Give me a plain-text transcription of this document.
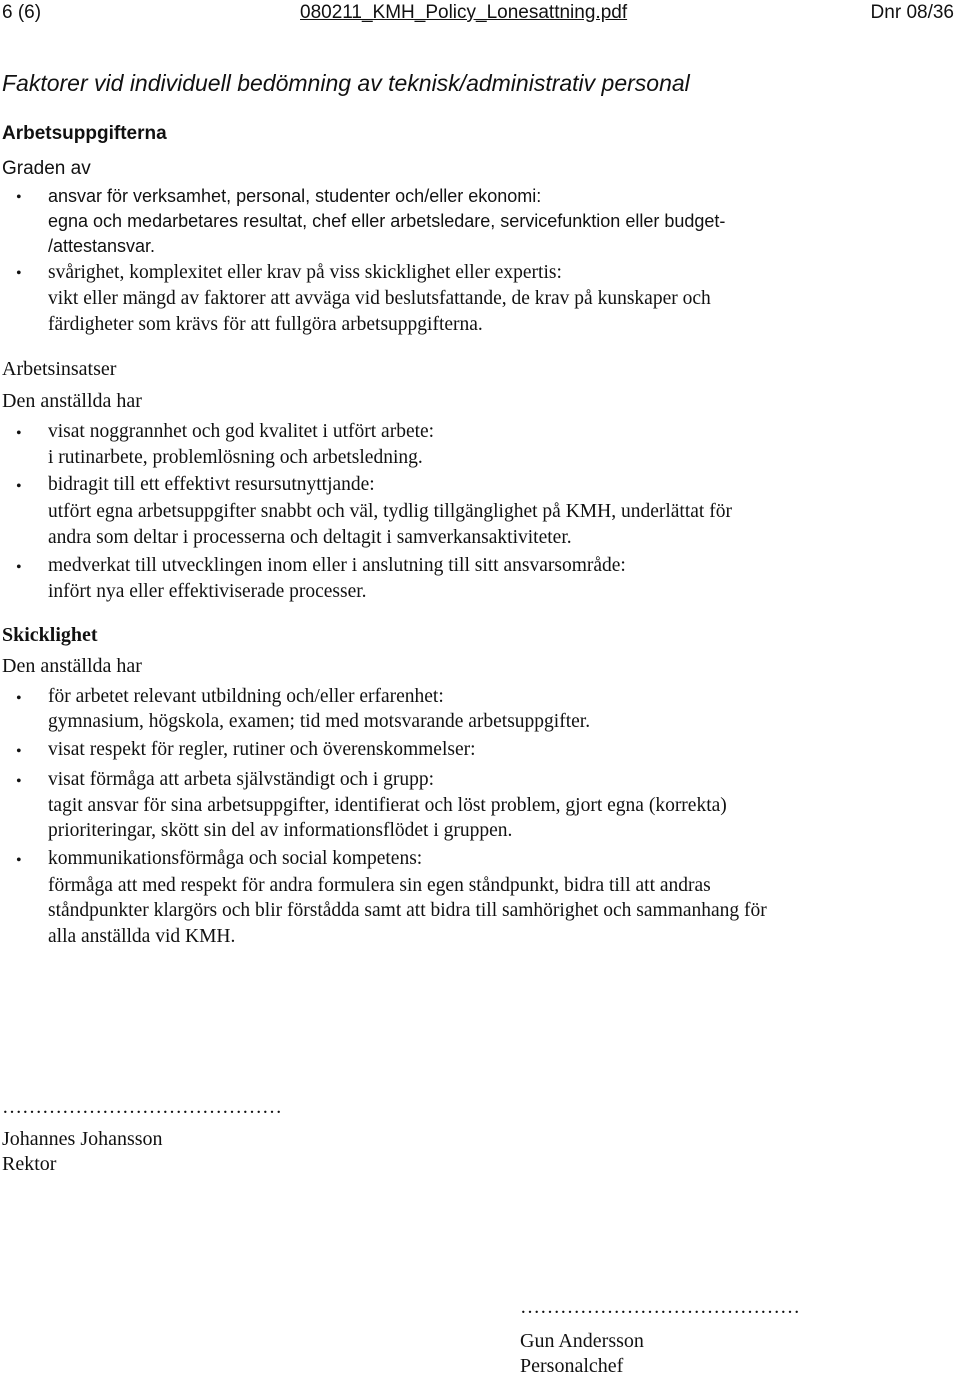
6 (6)	080211_KMH_Policy_Lonesattning.pdf	Dnr 08/36
Faktorer vid individuell bedömning av teknisk/administrativ personal
Arbetsuppgifterna
Graden av
• ansvar för verksamhet, personal, studenter och/eller ekonomi:
egna och medarbetares resultat, chef eller arbetsledare, servicefunktion eller budget-
/attestansvar.
• svårighet, komplexitet eller krav på viss skicklighet eller expertis:
vikt eller mängd av faktorer att avväga vid beslutsfattande, de krav på kunskaper och
färdigheter som krävs för att fullgöra arbetsuppgifterna.
Arbetsinsatser
Den anställda har
• visat noggrannhet och god kvalitet i utfört arbete:
i rutinarbete, problemlösning och arbetsledning.
• bidragit till ett effektivt resursutnyttjande:
utfört egna arbetsuppgifter snabbt och väl, tydlig tillgänglighet på KMH, underlättat för
andra som deltar i processerna och deltagit i samverkansaktiviteter.
• medverkat till utvecklingen inom eller i anslutning till sitt ansvarsområde:
infört nya eller effektiviserade processer.
Skicklighet
Den anställda har
• för arbetet relevant utbildning och/eller erfarenhet:
gymnasium, högskola, examen; tid med motsvarande arbetsuppgifter.
• visat respekt för regler, rutiner och överenskommelser:
• visat förmåga att arbeta självständigt och i grupp:
tagit ansvar för sina arbetsuppgifter, identifierat och löst problem, gjort egna (korrekta)
prioriteringar, skött sin del av informationsflödet i gruppen.
• kommunikationsförmåga och social kompetens:
förmåga att med respekt för andra formulera sin egen ståndpunkt, bidra till att andras
ståndpunkter klargörs och blir förstådda samt att bidra till samhörighet och sammanhang för
alla anställda vid KMH.
……………………………………
Johannes Johansson
Rektor
……………………………………
Gun Andersson
Personalchef
